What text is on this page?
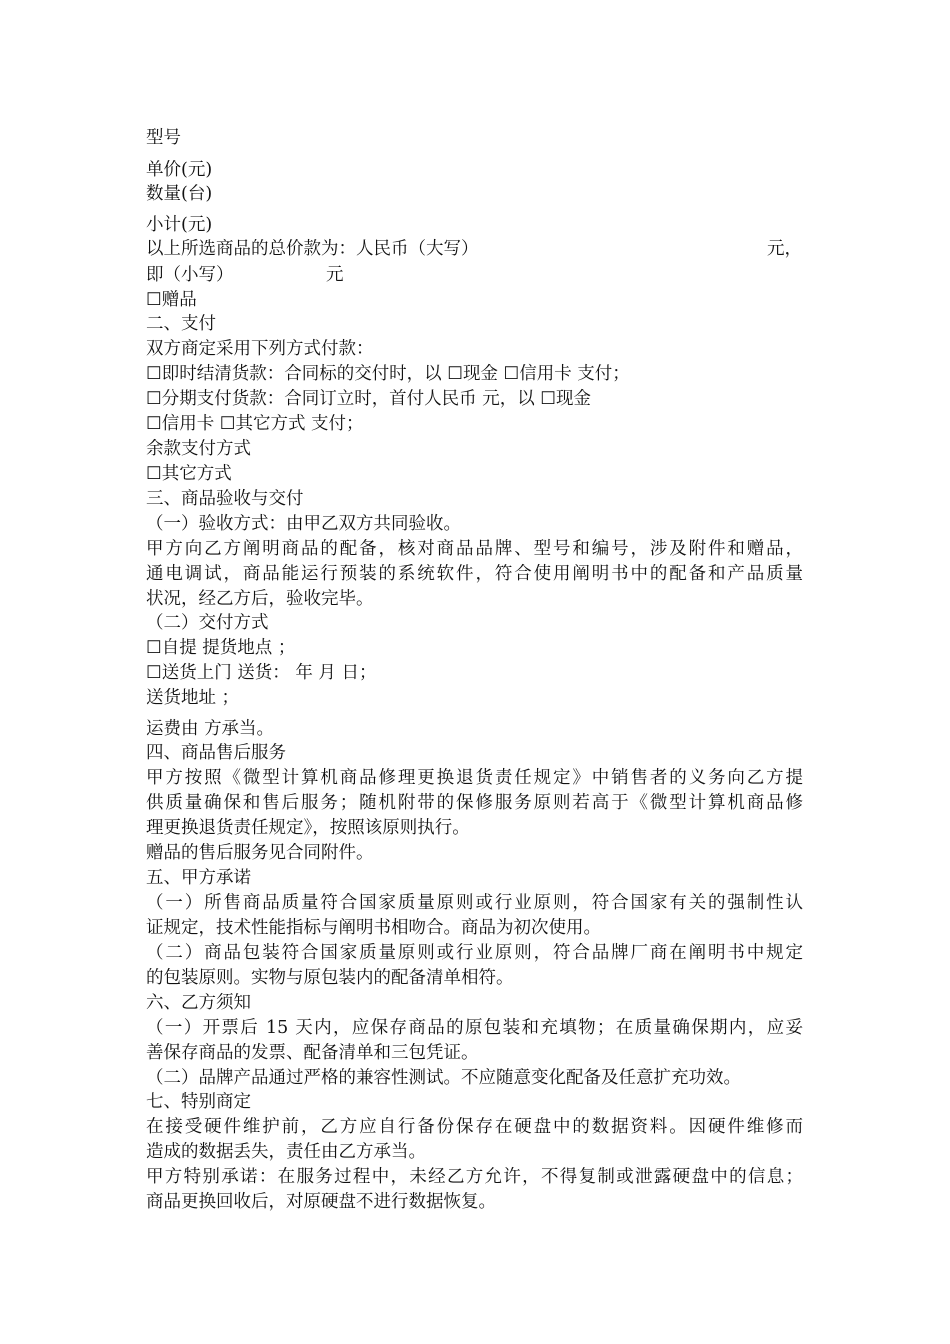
型号
单价(元)
数量(台)
小计(元)
以上所选商品的总价款为：人民币（大写）	元，
即（小写）	元
☐赠品
二、支付
双方商定采用下列方式付款：
☐即时结清货款：合同标的交付时，以 ☐现金 ☐信用卡 支付；
☐分期支付货款：合同订立时，首付人民币 元，以 ☐现金
☐信用卡 ☐其它方式 支付；
余款支付方式
☐其它方式
三、商品验收与交付
（一）验收方式：由甲乙双方共同验收。
甲方向乙方阐明商品的配备，核对商品品牌、型号和编号，涉及附件和赠品，
通电调试，商品能运行预装的系统软件，符合使用阐明书中的配备和产品质量
状况，经乙方后，验收完毕。
（二）交付方式
☐自提 提货地点 ；
☐送货上门 送货： 年 月 日；
送货地址 ；
运费由 方承当。
四、商品售后服务
甲方按照《微型计算机商品修理更换退货责任规定》中销售者的义务向乙方提
供质量确保和售后服务；随机附带的保修服务原则若高于《微型计算机商品修
理更换退货责任规定》，按照该原则执行。
赠品的售后服务见合同附件。
五、甲方承诺
（一）所售商品质量符合国家质量原则或行业原则，符合国家有关的强制性认
证规定，技术性能指标与阐明书相吻合。商品为初次使用。
（二）商品包装符合国家质量原则或行业原则，符合品牌厂商在阐明书中规定
的包装原则。实物与原包装内的配备清单相符。
六、乙方须知
（一）开票后 15 天内，应保存商品的原包装和充填物；在质量确保期内，应妥
善保存商品的发票、配备清单和三包凭证。
（二）品牌产品通过严格的兼容性测试。不应随意变化配备及任意扩充功效。
七、特别商定
在接受硬件维护前，乙方应自行备份保存在硬盘中的数据资料。因硬件维修而
造成的数据丢失，责任由乙方承当。
甲方特别承诺：在服务过程中，未经乙方允许，不得复制或泄露硬盘中的信息；
商品更换回收后，对原硬盘不进行数据恢复。
